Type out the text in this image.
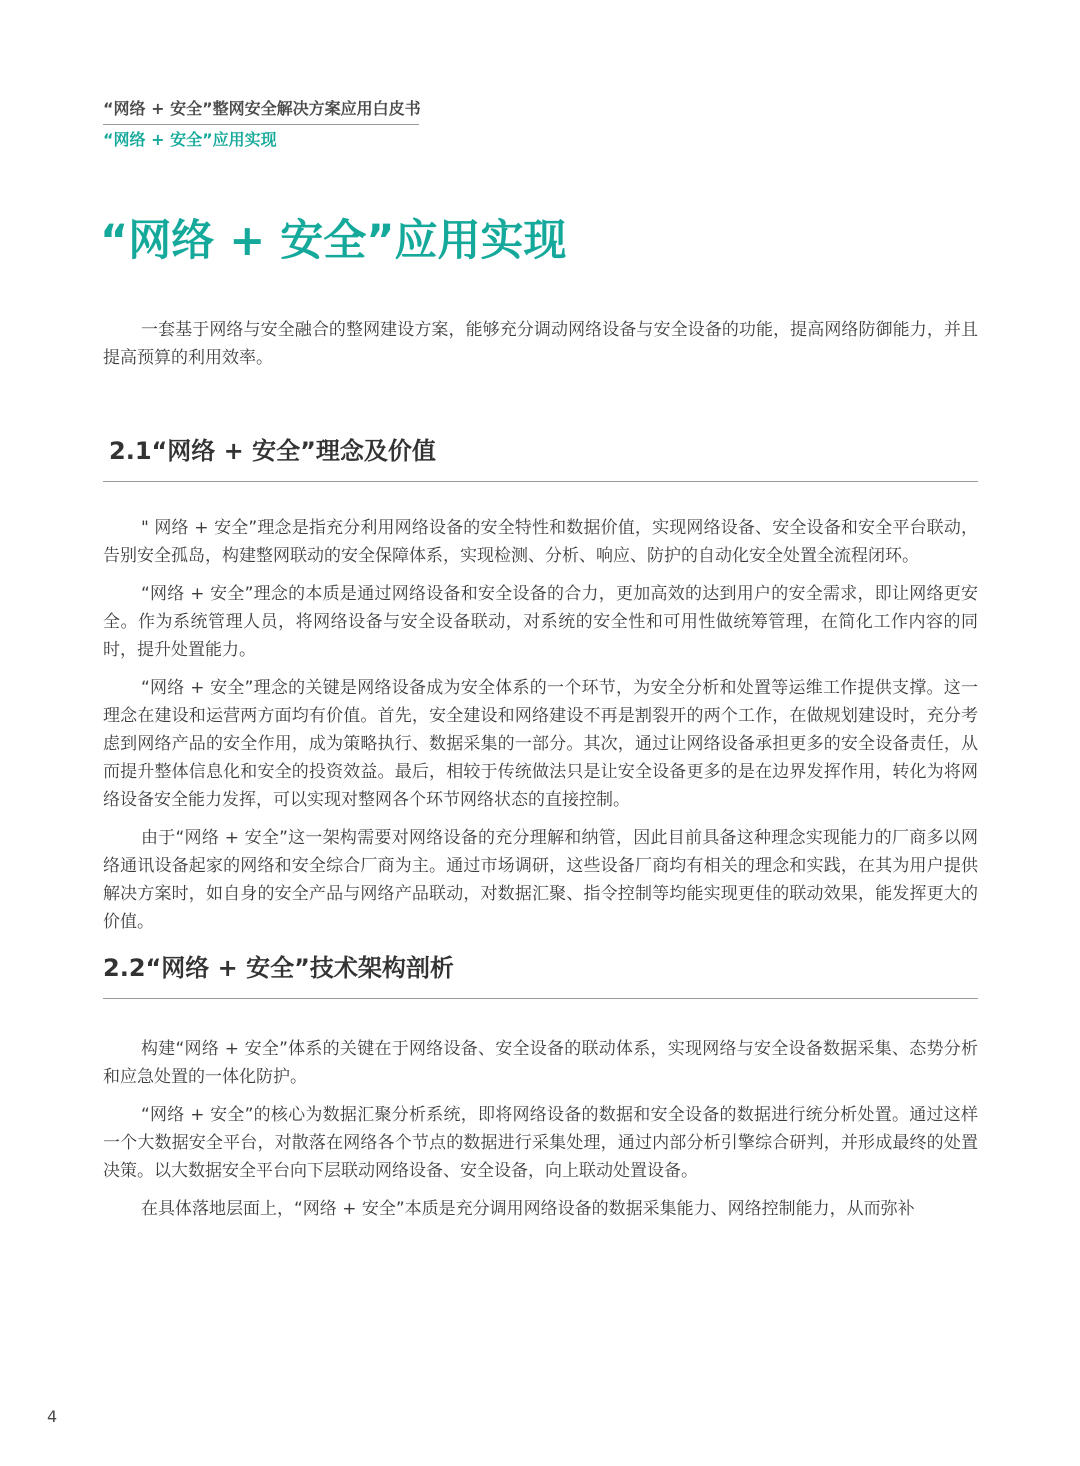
“网络 + 安全”整网安全解决方案应用白皮书
“网络 + 安全”应用实现
“网络 + 安全”应用实现

一套基于网络与安全融合的整网建设方案，能够充分调动网络设备与安全设备的功能，提高网络防御能力，并且提高预算的利用效率。

2.1“网络 + 安全”理念及价值

" 网络 + 安全”理念是指充分利用网络设备的安全特性和数据价值，实现网络设备、安全设备和安全平台联动，告别安全孤岛，构建整网联动的安全保障体系，实现检测、分析、响应、防护的自动化安全处置全流程闭环。

“网络 + 安全”理念的本质是通过网络设备和安全设备的合力，更加高效的达到用户的安全需求，即让网络更安全。作为系统管理人员，将网络设备与安全设备联动，对系统的安全性和可用性做统筹管理，在简化工作内容的同时，提升处置能力。

“网络 + 安全”理念的关键是网络设备成为安全体系的一个环节，为安全分析和处置等运维工作提供支撑。这一理念在建设和运营两方面均有价值。首先，安全建设和网络建设不再是割裂开的两个工作，在做规划建设时，充分考虑到网络产品的安全作用，成为策略执行、数据采集的一部分。其次，通过让网络设备承担更多的安全设备责任，从而提升整体信息化和安全的投资效益。最后，相较于传统做法只是让安全设备更多的是在边界发挥作用，转化为将网络设备安全能力发挥，可以实现对整网各个环节网络状态的直接控制。

由于“网络 + 安全”这一架构需要对网络设备的充分理解和纳管，因此目前具备这种理念实现能力的厂商多以网络通讯设备起家的网络和安全综合厂商为主。通过市场调研，这些设备厂商均有相关的理念和实践，在其为用户提供解决方案时，如自身的安全产品与网络产品联动，对数据汇聚、指令控制等均能实现更佳的联动效果，能发挥更大的价值。

2.2“网络 + 安全”技术架构剖析

构建“网络 + 安全”体系的关键在于网络设备、安全设备的联动体系，实现网络与安全设备数据采集、态势分析和应急处置的一体化防护。

“网络 + 安全”的核心为数据汇聚分析系统，即将网络设备的数据和安全设备的数据进行统分析处置。通过这样一个大数据安全平台，对散落在网络各个节点的数据进行采集处理，通过内部分析引擎综合研判，并形成最终的处置决策。以大数据安全平台向下层联动网络设备、安全设备，向上联动处置设备。

在具体落地层面上，“网络 + 安全”本质是充分调用网络设备的数据采集能力、网络控制能力，从而弥补

4
